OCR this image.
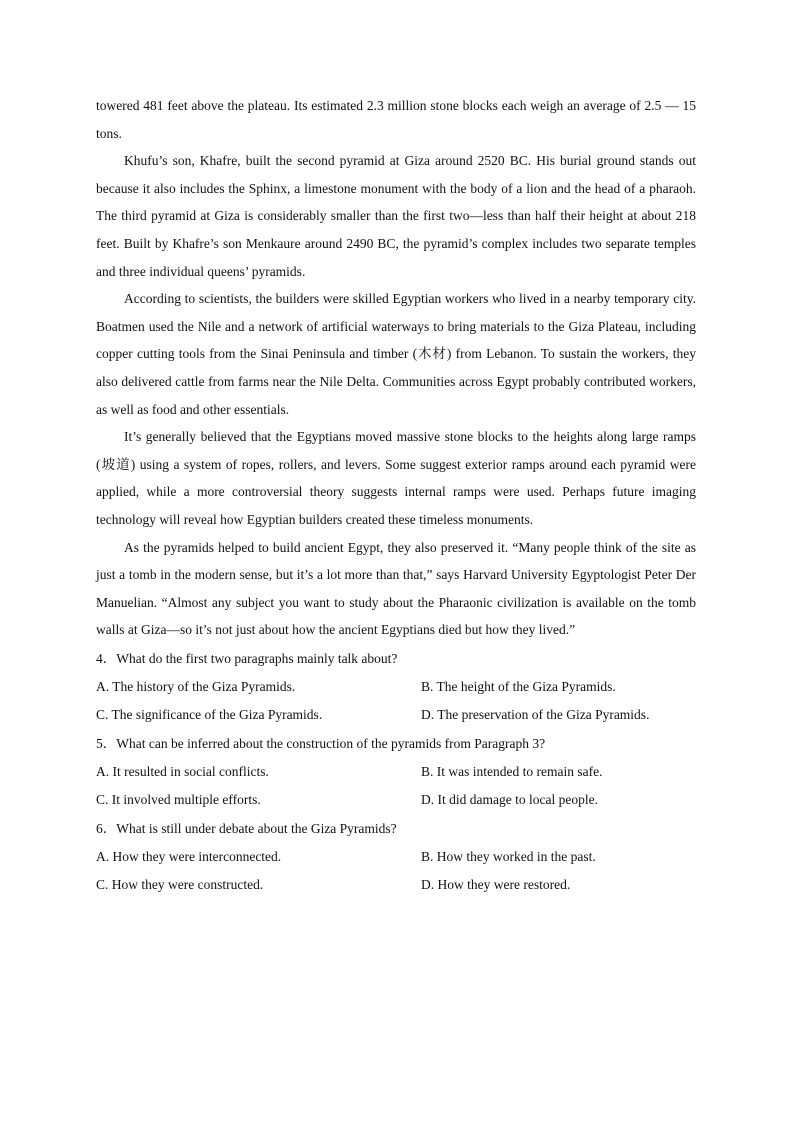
towered 481 feet above the plateau. Its estimated 2.3 million stone blocks each weigh an average of 2.5 — 15 tons.

Khufu’s son, Khafre, built the second pyramid at Giza around 2520 BC. His burial ground stands out because it also includes the Sphinx, a limestone monument with the body of a lion and the head of a pharaoh. The third pyramid at Giza is considerably smaller than the first two—less than half their height at about 218 feet. Built by Khafre’s son Menkaure around 2490 BC, the pyramid’s complex includes two separate temples and three individual queens’ pyramids.

According to scientists, the builders were skilled Egyptian workers who lived in a nearby temporary city. Boatmen used the Nile and a network of artificial waterways to bring materials to the Giza Plateau, including copper cutting tools from the Sinai Peninsula and timber (木材) from Lebanon. To sustain the workers, they also delivered cattle from farms near the Nile Delta. Communities across Egypt probably contributed workers, as well as food and other essentials.

It’s generally believed that the Egyptians moved massive stone blocks to the heights along large ramps (坡道) using a system of ropes, rollers, and levers. Some suggest exterior ramps around each pyramid were applied, while a more controversial theory suggests internal ramps were used. Perhaps future imaging technology will reveal how Egyptian builders created these timeless monuments.

As the pyramids helped to build ancient Egypt, they also preserved it. “Many people think of the site as just a tomb in the modern sense, but it’s a lot more than that,” says Harvard University Egyptologist Peter Der Manuelian. “Almost any subject you want to study about the Pharaonic civilization is available on the tomb walls at Giza—so it’s not just about how the ancient Egyptians died but how they lived.”

4．What do the first two paragraphs mainly talk about?

A. The history of the Giza Pyramids.	B. The height of the Giza Pyramids.
C. The significance of the Giza Pyramids.	D. The preservation of the Giza Pyramids.

5．What can be inferred about the construction of the pyramids from Paragraph 3?

A. It resulted in social conflicts.	B. It was intended to remain safe.
C. It involved multiple efforts.	D. It did damage to local people.

6．What is still under debate about the Giza Pyramids?

A. How they were interconnected.	B. How they worked in the past.
C. How they were constructed.	D. How they were restored.
